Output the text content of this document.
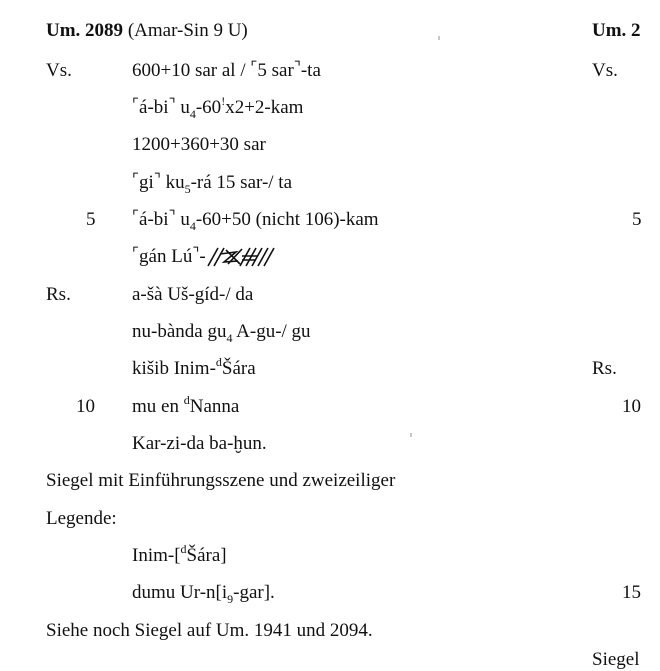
Um. 2089 (Amar-Sin 9 U)
Vs.	600+10 sar al / ⌜5 sar⌝-ta
⌜á-bi⌝ $u_4-60^!x2+2$-kam
1200+360+30 sar
⌜gi⌝ $ku_5-rá$ 15 sar-/ ta
5 ⌜á-bi⌝ $u_4-60+50$ (nicht 106)-kam
⌜gán Lú⌝-
Rs.	a-šà Uš-gíd-/ da
nu-bànda $gu_4$ A-gu-/ gu
kišib Inim-$^d$Šára
10 mu en $^d$Nanna
Kar-zi-da ba-ḫun.
Siegel mit Einführungsszene und zweizeiliger
Legende:
Inim-[$^d$Šára]
dumu $Ur-n[i_9-gar]$.
Siehe noch Siegel auf Um. 1941 und 2094.
Um. 2
Vs.
5
Rs.
10
15
Siegel
